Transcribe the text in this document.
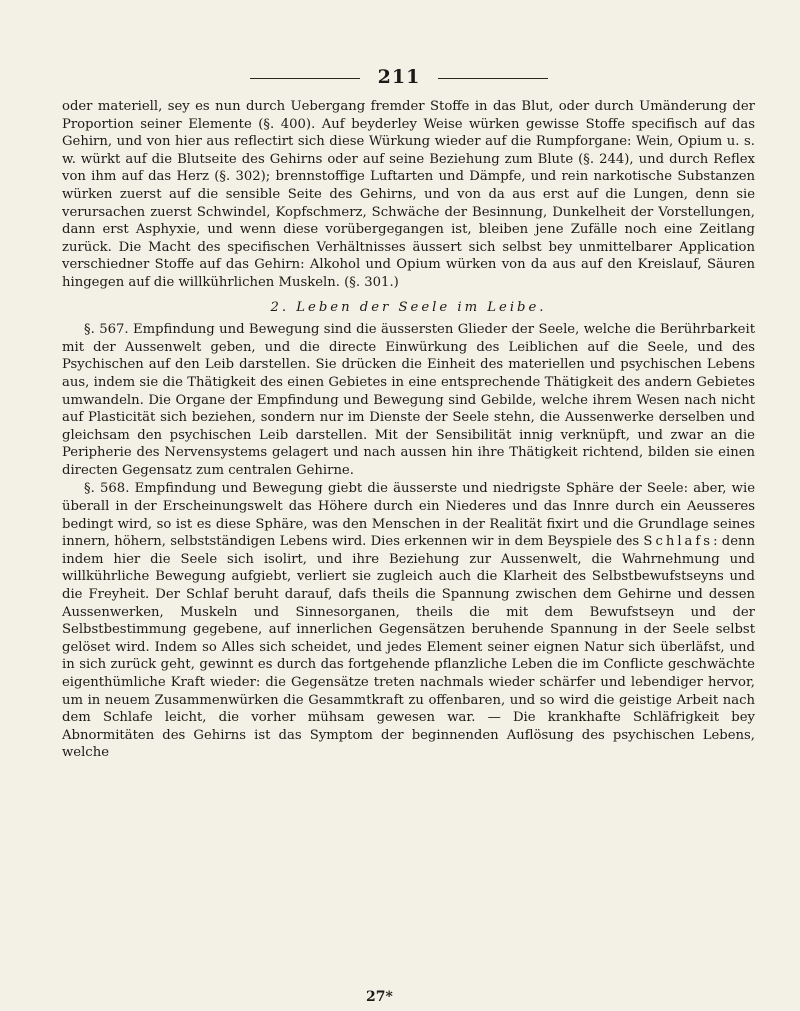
211

oder materiell, sey es nun durch Uebergang fremder Stoffe in das Blut, oder durch Umänderung der Proportion seiner Elemente (§. 400). Auf beyderley Weise würken gewisse Stoffe specifisch auf das Gehirn, und von hier aus reflectirt sich diese Würkung wieder auf die Rumpforgane: Wein, Opium u. s. w. würkt auf die Blutseite des Gehirns oder auf seine Beziehung zum Blute (§. 244), und durch Reflex von ihm auf das Herz (§. 302); brennstoffige Luftarten und Dämpfe, und rein narkotische Substanzen würken zuerst auf die sensible Seite des Gehirns, und von da aus erst auf die Lungen, denn sie verursachen zuerst Schwindel, Kopfschmerz, Schwäche der Besinnung, Dunkelheit der Vorstellungen, dann erst Asphyxie, und wenn diese vorübergegangen ist, bleiben jene Zufälle noch eine Zeitlang zurück. Die Macht des specifischen Verhältnisses äussert sich selbst bey unmittelbarer Application verschiedner Stoffe auf das Gehirn: Alkohol und Opium würken von da aus auf den Kreislauf, Säuren hingegen auf die willkührlichen Muskeln. (§. 301.)

2. Leben der Seele im Leibe.

§. 567. Empfindung und Bewegung sind die äussersten Glieder der Seele, welche die Berührbarkeit mit der Aussenwelt geben, und die directe Einwürkung des Leiblichen auf die Seele, und des Psychischen auf den Leib darstellen. Sie drücken die Einheit des materiellen und psychischen Lebens aus, indem sie die Thätigkeit des einen Gebietes in eine entsprechende Thätigkeit des andern Gebietes umwandeln. Die Organe der Empfindung und Bewegung sind Gebilde, welche ihrem Wesen nach nicht auf Plasticität sich beziehen, sondern nur im Dienste der Seele stehn, die Aussenwerke derselben und gleichsam den psychischen Leib darstellen. Mit der Sensibilität innig verknüpft, und zwar an die Peripherie des Nervensystems gelagert und nach aussen hin ihre Thätigkeit richtend, bilden sie einen directen Gegensatz zum centralen Gehirne.

§. 568. Empfindung und Bewegung giebt die äusserste und niedrigste Sphäre der Seele: aber, wie überall in der Erscheinungswelt das Höhere durch ein Niederes und das Innre durch ein Aeusseres bedingt wird, so ist es diese Sphäre, was den Menschen in der Realität fixirt und die Grundlage seines innern, höhern, selbstständigen Lebens wird. Dies erkennen wir in dem Beyspiele des Schlafs: denn indem hier die Seele sich isolirt, und ihre Beziehung zur Aussenwelt, die Wahrnehmung und willkührliche Bewegung aufgiebt, verliert sie zugleich auch die Klarheit des Selbstbewufstseyns und die Freyheit. Der Schlaf beruht darauf, dafs theils die Spannung zwischen dem Gehirne und dessen Aussenwerken, Muskeln und Sinnesorganen, theils die mit dem Bewufstseyn und der Selbstbestimmung gegebene, auf innerlichen Gegensätzen beruhende Spannung in der Seele selbst gelöset wird. Indem so Alles sich scheidet, und jedes Element seiner eignen Natur sich überläfst, und in sich zurück geht, gewinnt es durch das fortgehende pflanzliche Leben die im Conflicte geschwächte eigenthümliche Kraft wieder: die Gegensätze treten nachmals wieder schärfer und lebendiger hervor, um in neuem Zusammenwürken die Gesammtkraft zu offenbaren, und so wird die geistige Arbeit nach dem Schlafe leicht, die vorher mühsam gewesen war. — Die krankhafte Schläfrigkeit bey Abnormitäten des Gehirns ist das Symptom der beginnenden Auflösung des psychischen Lebens, welche

27*
